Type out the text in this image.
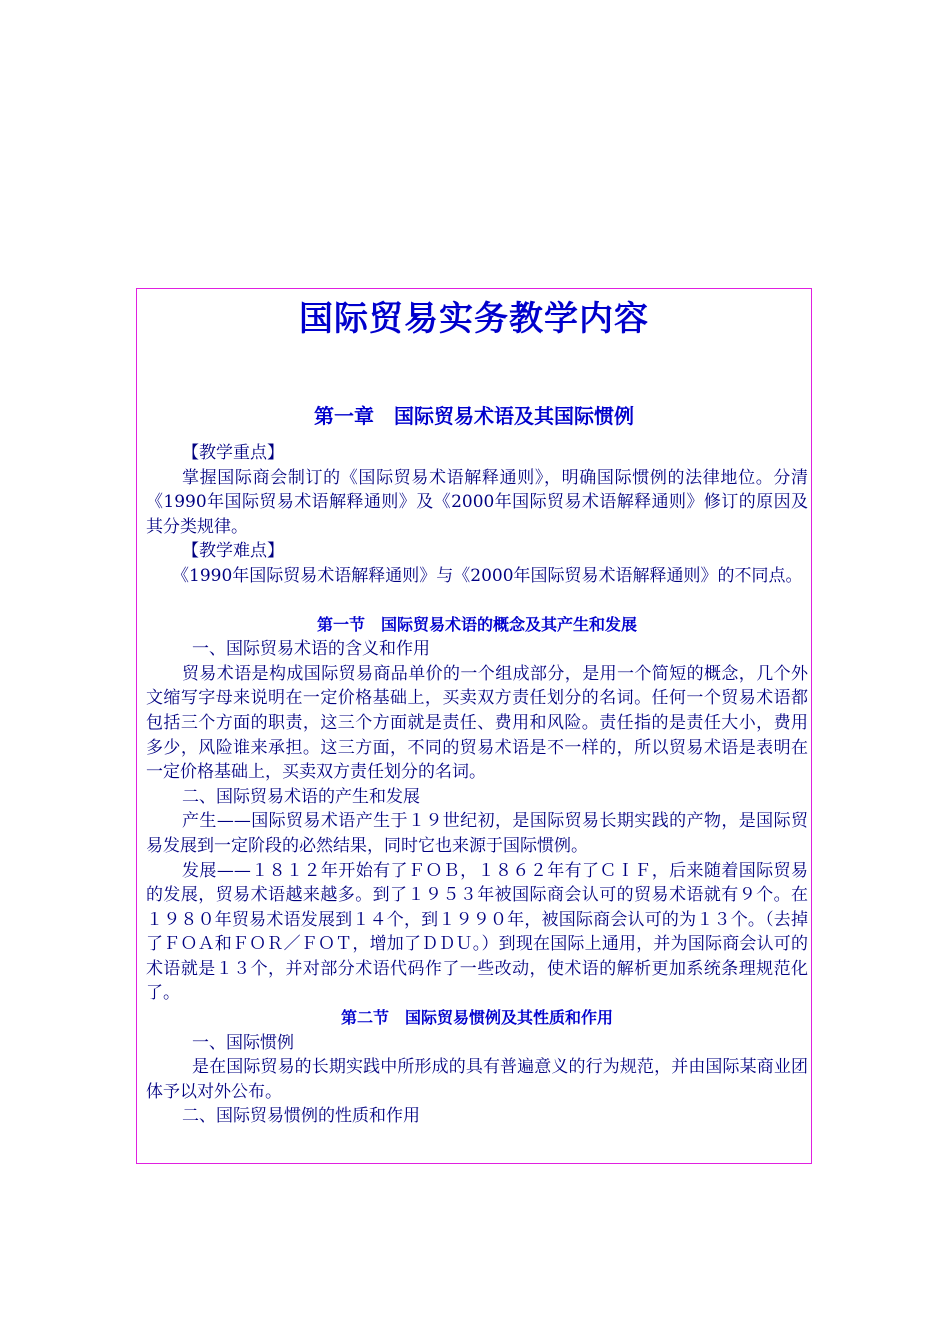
国际贸易实务教学内容
第一章　国际贸易术语及其国际惯例

【教学重点】

掌握国际商会制订的《国际贸易术语解释通则》，明确国际惯例的法律地位。分清《1990年国际贸易术语解释通则》及《2000年国际贸易术语解释通则》修订的原因及其分类规律。

【教学难点】

《1990年国际贸易术语解释通则》与《2000年国际贸易术语解释通则》的不同点。

第一节　国际贸易术语的概念及其产生和发展

一、国际贸易术语的含义和作用

贸易术语是构成国际贸易商品单价的一个组成部分，是用一个简短的概念，几个外文缩写字母来说明在一定价格基础上，买卖双方责任划分的名词。任何一个贸易术语都包括三个方面的职责，这三个方面就是责任、费用和风险。责任指的是责任大小，费用多少，风险谁来承担。这三方面，不同的贸易术语是不一样的，所以贸易术语是表明在一定价格基础上，买卖双方责任划分的名词。

二、国际贸易术语的产生和发展

产生——国际贸易术语产生于１９世纪初，是国际贸易长期实践的产物，是国际贸易发展到一定阶段的必然结果，同时它也来源于国际惯例。

发展——１８１２年开始有了ＦＯＢ，１８６２年有了ＣＩＦ，后来随着国际贸易的发展，贸易术语越来越多。到了１９５３年被国际商会认可的贸易术语就有９个。在１９８０年贸易术语发展到１４个，到１９９０年，被国际商会认可的为１３个。（去掉了ＦＯＡ和ＦＯＲ／ＦＯＴ，增加了ＤＤＵ。）到现在国际上通用，并为国际商会认可的术语就是１３个，并对部分术语代码作了一些改动，使术语的解析更加系统条理规范化了。

第二节　国际贸易惯例及其性质和作用

一、国际惯例

是在国际贸易的长期实践中所形成的具有普遍意义的行为规范，并由国际某商业团体予以对外公布。

二、国际贸易惯例的性质和作用
